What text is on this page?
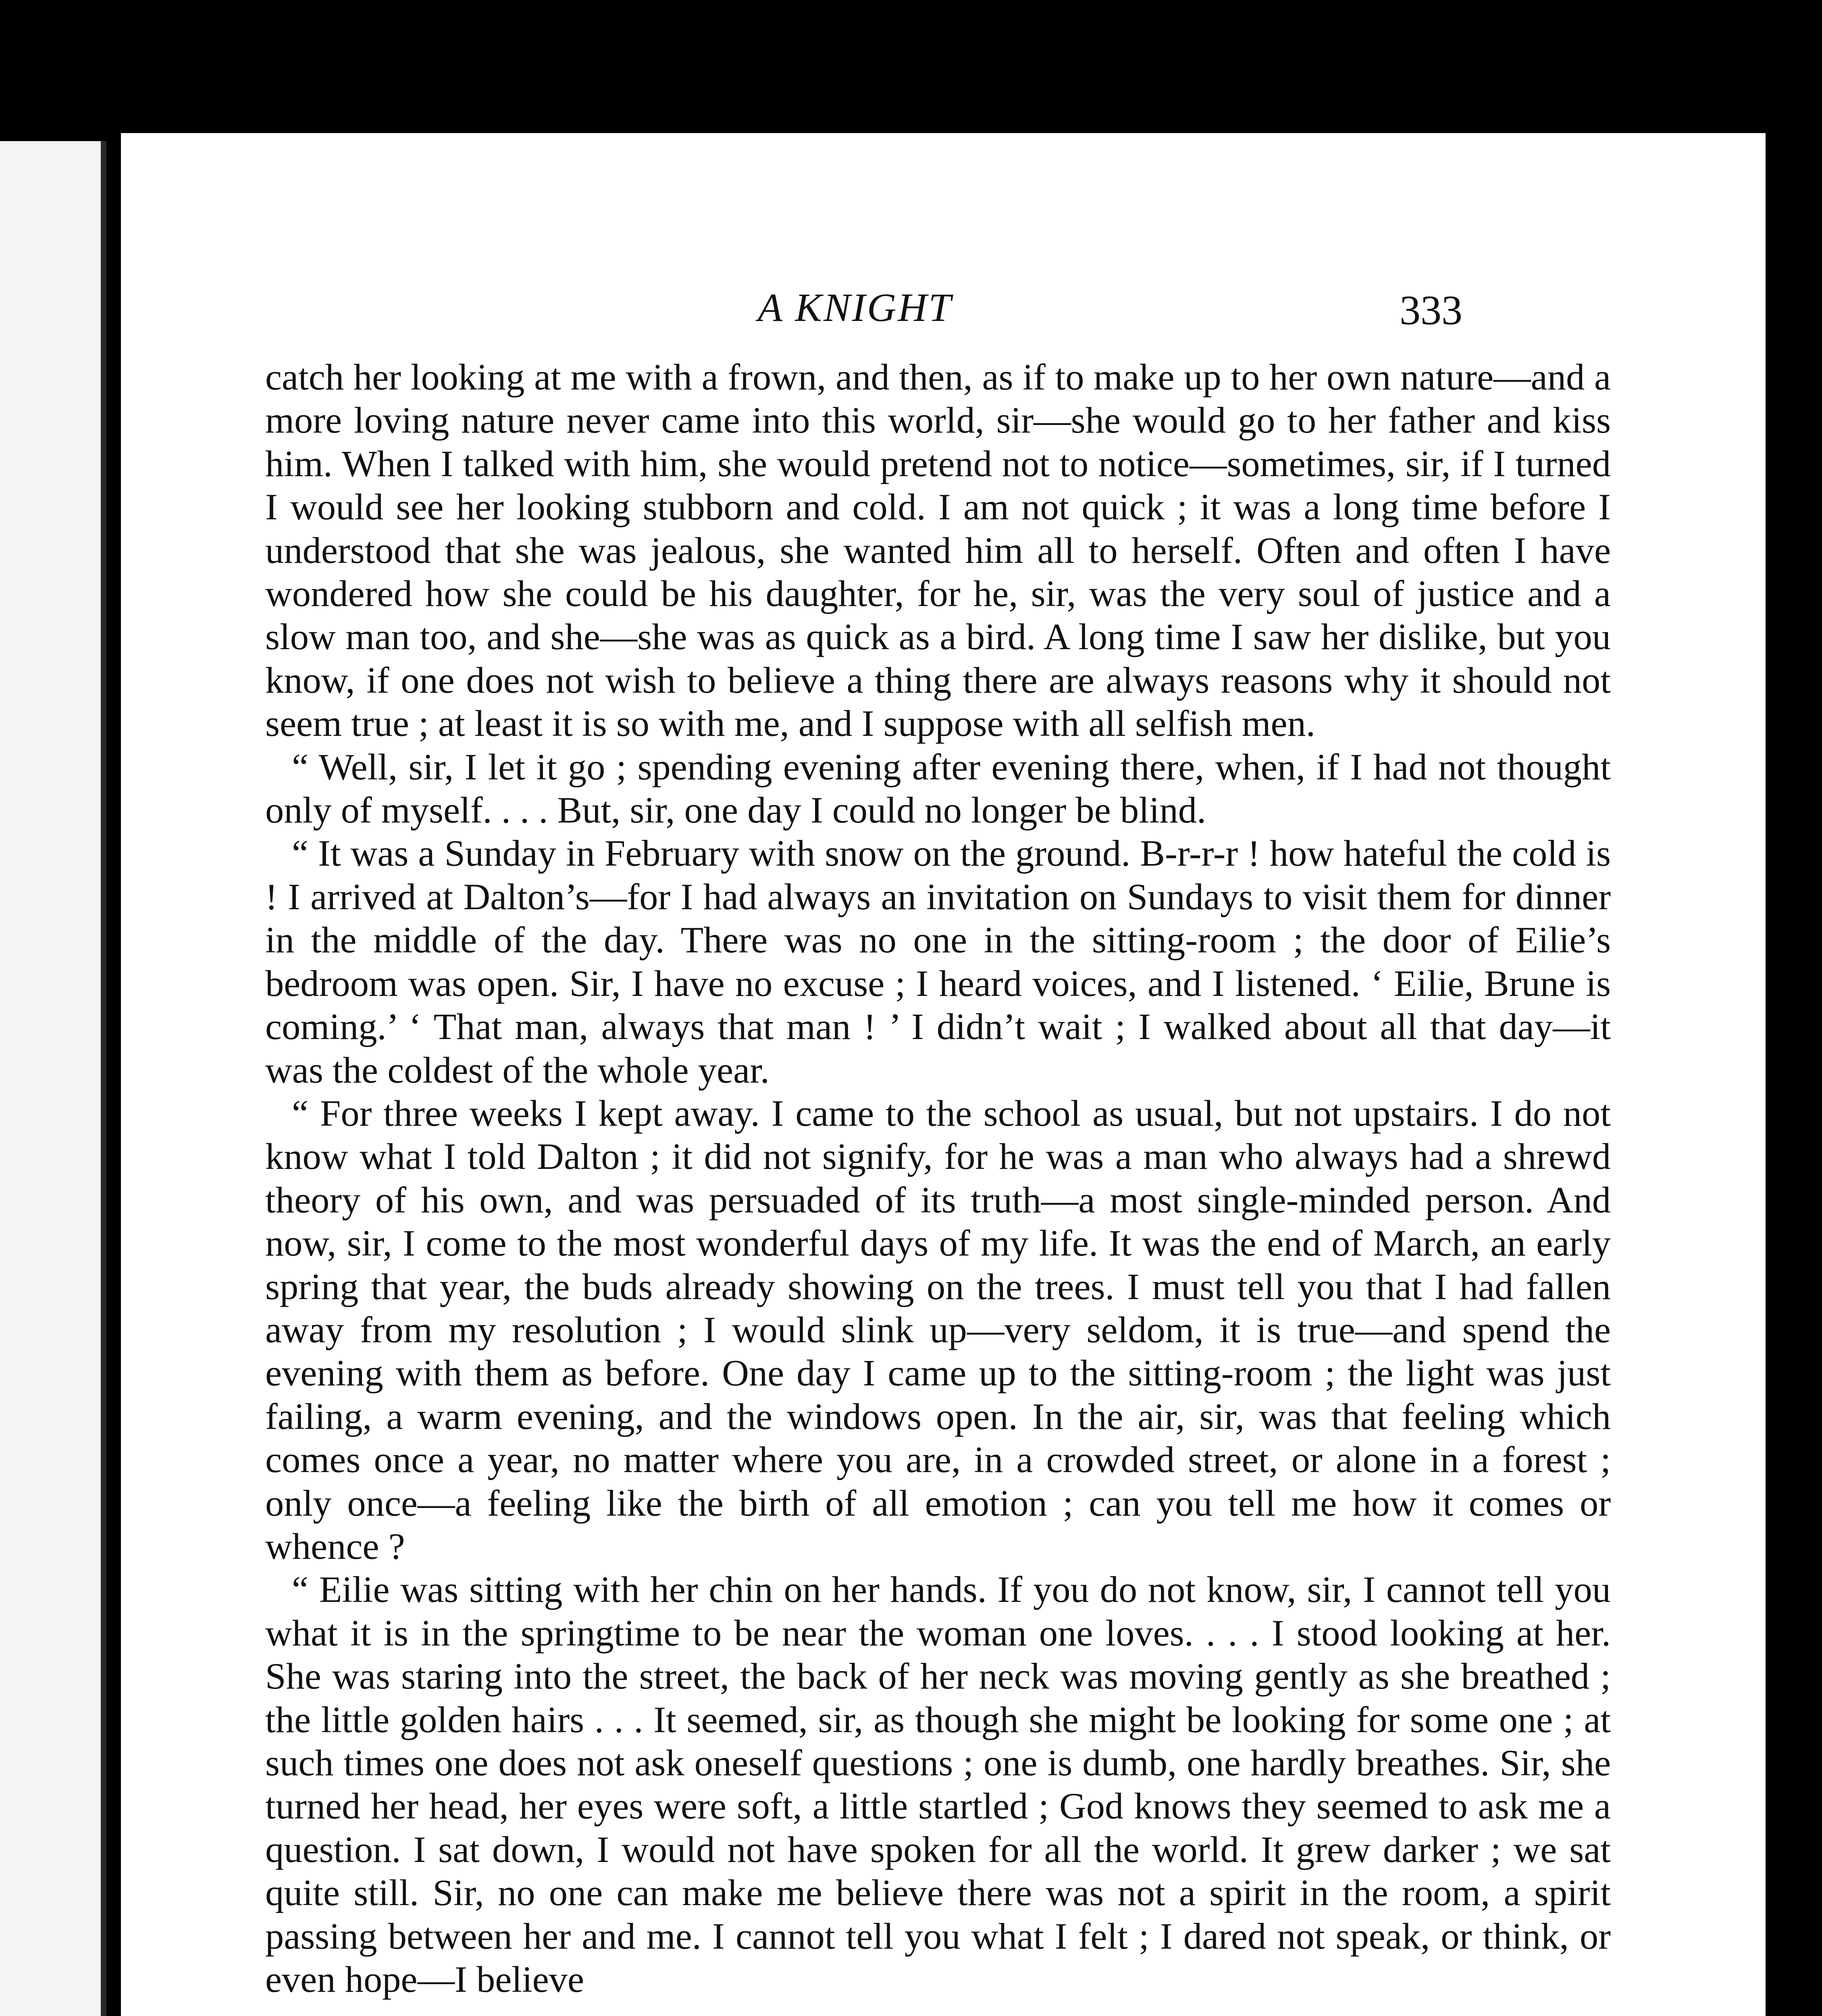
A KNIGHT	333

catch her looking at me with a frown, and then, as if to make up to her own nature—and a more loving nature never came into this world, sir—she would go to her father and kiss him. When I talked with him, she would pretend not to notice—sometimes, sir, if I turned I would see her looking stubborn and cold. I am not quick ; it was a long time before I understood that she was jealous, she wanted him all to herself. Often and often I have wondered how she could be his daughter, for he, sir, was the very soul of justice and a slow man too, and she—she was as quick as a bird. A long time I saw her dislike, but you know, if one does not wish to believe a thing there are always reasons why it should not seem true ; at least it is so with me, and I suppose with all selfish men.

“ Well, sir, I let it go ; spending evening after evening there, when, if I had not thought only of myself. . . . But, sir, one day I could no longer be blind.

“ It was a Sunday in February with snow on the ground. B-r-r-r ! how hateful the cold is ! I arrived at Dalton’s—for I had always an invitation on Sundays to visit them for dinner in the middle of the day. There was no one in the sitting-room ; the door of Eilie’s bedroom was open. Sir, I have no excuse ; I heard voices, and I listened. ‘ Eilie, Brune is coming.’ ‘ That man, always that man ! ’ I didn’t wait ; I walked about all that day—it was the coldest of the whole year.

“ For three weeks I kept away. I came to the school as usual, but not upstairs. I do not know what I told Dalton ; it did not signify, for he was a man who always had a shrewd theory of his own, and was persuaded of its truth—a most single-minded person. And now, sir, I come to the most wonderful days of my life. It was the end of March, an early spring that year, the buds already showing on the trees. I must tell you that I had fallen away from my resolution ; I would slink up—very seldom, it is true—and spend the evening with them as before. One day I came up to the sitting-room ; the light was just failing, a warm evening, and the windows open. In the air, sir, was that feeling which comes once a year, no matter where you are, in a crowded street, or alone in a forest ; only once—a feeling like the birth of all emotion ; can you tell me how it comes or whence ?

“ Eilie was sitting with her chin on her hands. If you do not know, sir, I cannot tell you what it is in the springtime to be near the woman one loves. . . . I stood looking at her. She was staring into the street, the back of her neck was moving gently as she breathed ; the little golden hairs . . . It seemed, sir, as though she might be looking for some one ; at such times one does not ask oneself questions ; one is dumb, one hardly breathes. Sir, she turned her head, her eyes were soft, a little startled ; God knows they seemed to ask me a question. I sat down, I would not have spoken for all the world. It grew darker ; we sat quite still. Sir, no one can make me believe there was not a spirit in the room, a spirit passing between her and me. I cannot tell you what I felt ; I dared not speak, or think, or even hope—I believe
